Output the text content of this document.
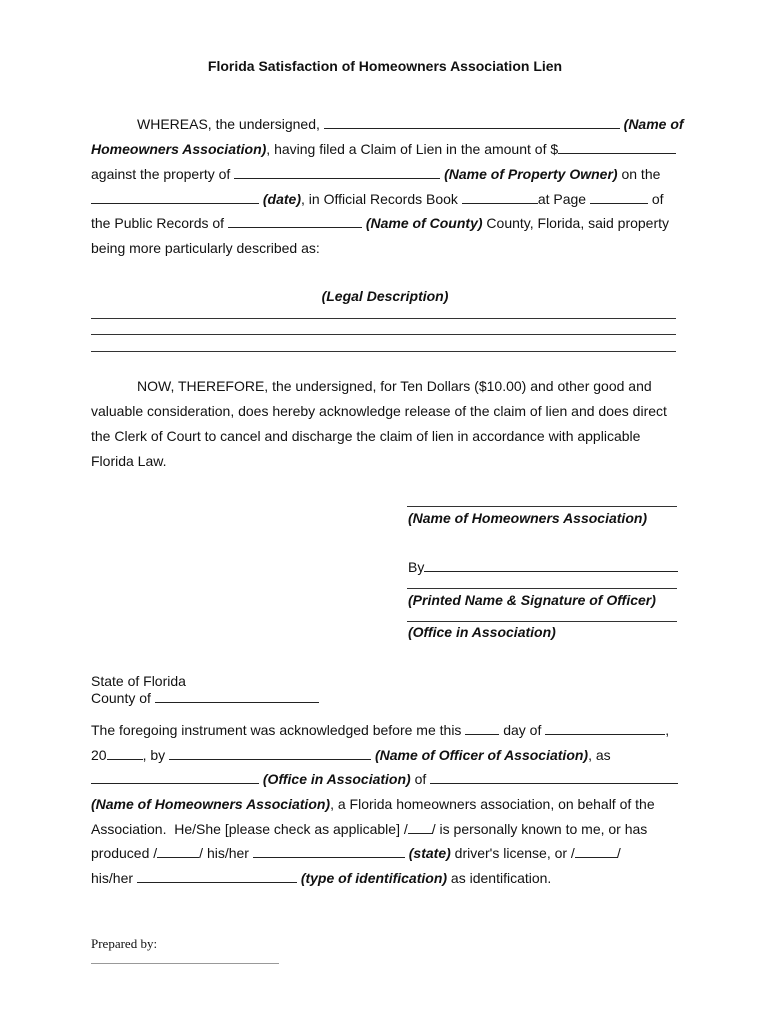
Florida Satisfaction of Homeowners Association Lien
WHEREAS, the undersigned,	(Name of
Homeowners Association), having filed a Claim of Lien in the amount of $
against the property of	(Name of Property Owner) on the
(date), in Official Records Book	at Page	of
the Public Records of	(Name of County) County, Florida, said property
being more particularly described as:
(Legal Description)
NOW, THEREFORE, the undersigned, for Ten Dollars ($10.00) and other good and
valuable consideration, does hereby acknowledge release of the claim of lien and does direct
the Clerk of Court to cancel and discharge the claim of lien in accordance with applicable
Florida Law.
(Name of Homeowners Association)
By
(Printed Name & Signature of Officer)
(Office in Association)
State of Florida
County of
The foregoing instrument was acknowledged before me this  day of	,
20	, by	(Name of Officer of Association), as
(Office in Association) of
(Name of Homeowners Association), a Florida homeowners association, on behalf of the
Association.  He/She [please check as applicable] / / is personally known to me, or has
produced /	/ his/her	(state) driver's license, or /	/
his/her	(type of identification) as identification.
Prepared by:
